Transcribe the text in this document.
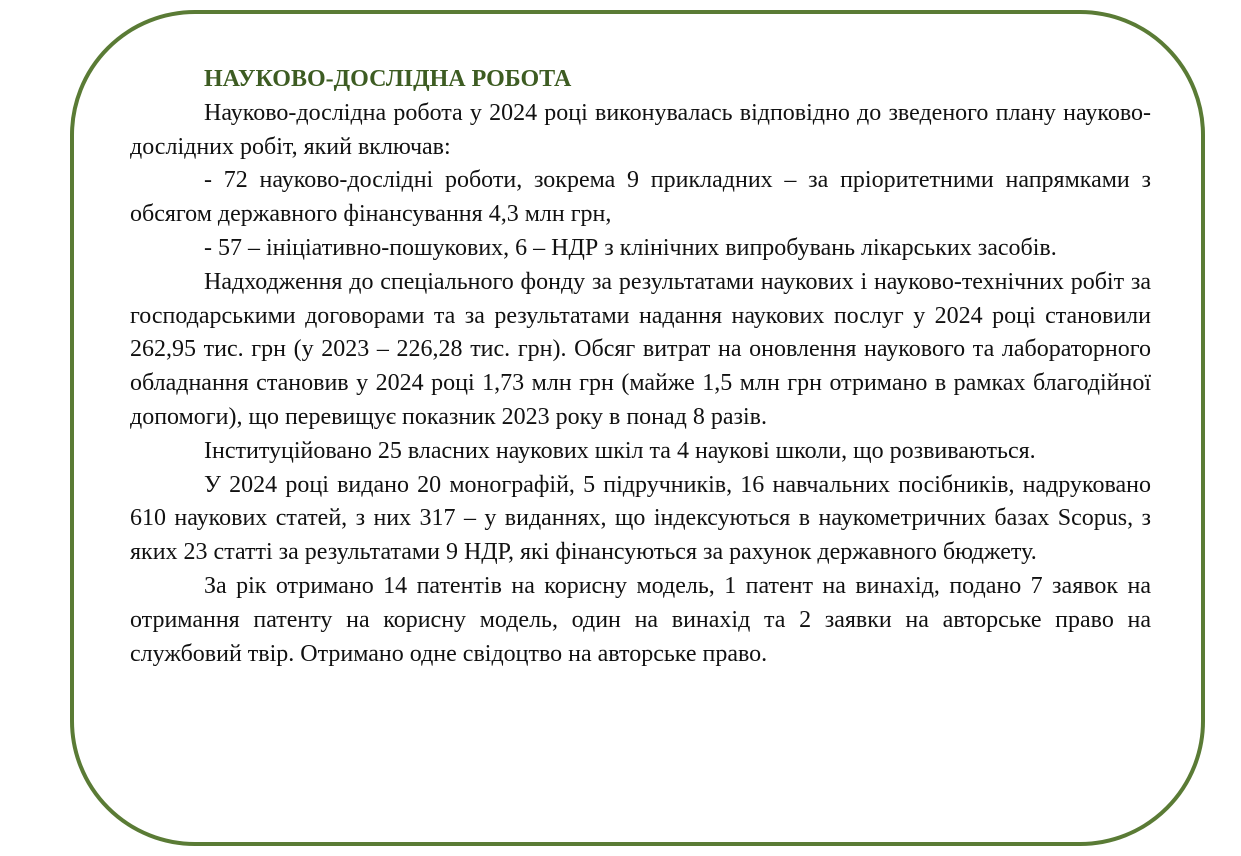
НАУКОВО-ДОСЛІДНА РОБОТА

Науково-дослідна робота у 2024 році виконувалась відповідно до зведеного плану науково-дослідних робіт, який включав:

- 72 науково-дослідні роботи, зокрема 9 прикладних – за пріоритетними напрямками з обсягом державного фінансування 4,3 млн грн,

- 57 – ініціативно-пошукових, 6 – НДР з клінічних випробувань лікарських засобів.

Надходження до спеціального фонду за результатами наукових і науково-технічних робіт за господарськими договорами та за результатами надання наукових послуг у 2024 році становили 262,95 тис. грн (у 2023 – 226,28 тис. грн). Обсяг витрат на оновлення наукового та лабораторного обладнання становив у 2024 році 1,73 млн грн (майже 1,5 млн грн отримано в рамках благодійної допомоги), що перевищує показник 2023 року в понад 8 разів.

Інституційовано 25 власних наукових шкіл та 4 наукові школи, що розвиваються.

У 2024 році видано 20 монографій, 5 підручників, 16 навчальних посібників, надруковано 610 наукових статей, з них 317 – у виданнях, що індексуються в наукометричних базах Scopus, з яких 23 статті за результатами 9 НДР, які фінансуються за рахунок державного бюджету.

За рік отримано 14 патентів на корисну модель, 1 патент на винахід, подано 7 заявок на отримання патенту на корисну модель, один на винахід та 2 заявки на авторське право на службовий твір. Отримано одне свідоцтво на авторське право.
